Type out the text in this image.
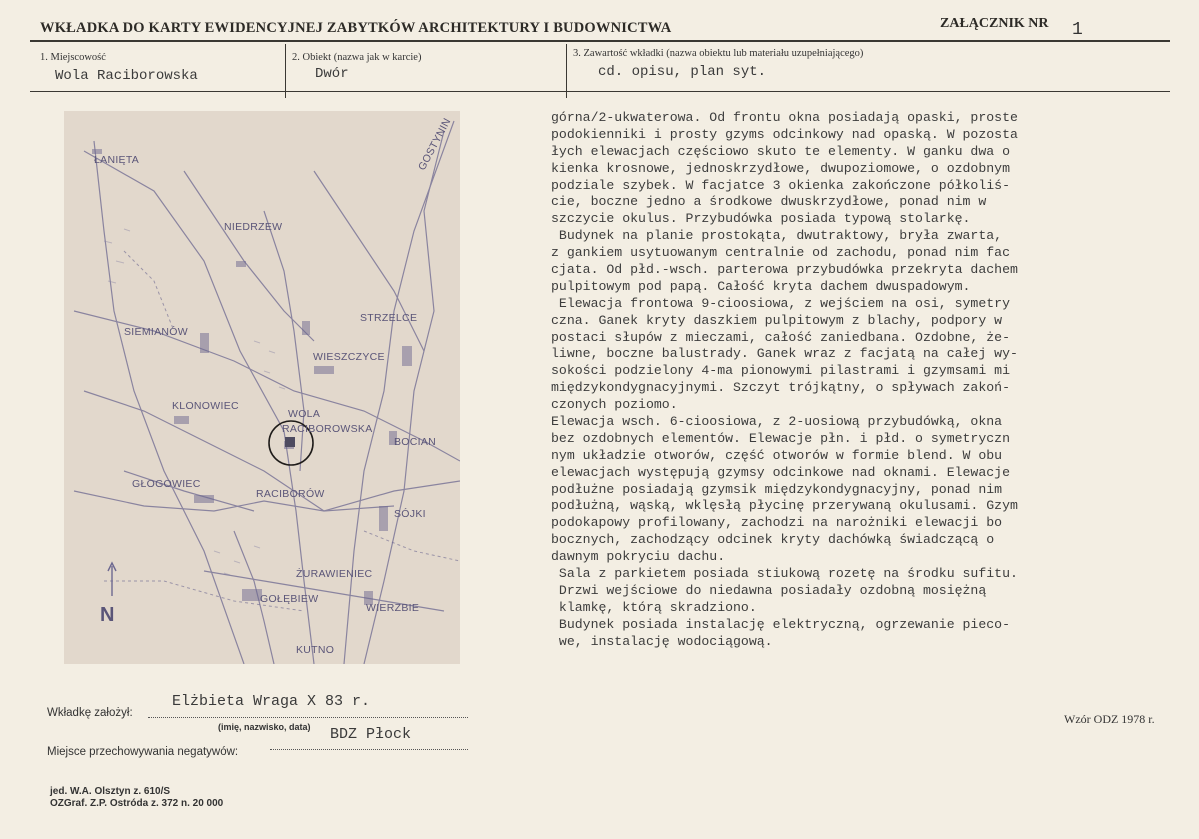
WKŁADKA DO KARTY EWIDENCYJNEJ ZABYTKÓW ARCHITEKTURY I BUDOWNICTWA	ZAŁĄCZNIK NR 1
1. Miejscowość
Wola Raciborowska
2. Obiekt (nazwa jak w karcie)
Dwór
3. Zawartość wkładki (nazwa obiektu lub materiału uzupełniającego)
cd. opisu, plan syt.
ŁANIĘTA	GOSTYNIN
NIEDRZEW
STRZELCE
SIEMIANÓW
WIESZCZYCE
KLONOWIEC
WOLA
RACIBOROWSKA
BOCIAN
GŁOGOWIEC
RACIBORÓW
SÓJKI
ŻURAWIENIEC
GOŁĘBIEW
WIERZBIE
KUTNO
N
górna/2-ukwaterowa. Od frontu okna posiadają opaski, proste
podokienniki i prosty gzyms odcinkowy nad opaską. W pozosta
łych elewacjach częściowo skuto te elementy. W ganku dwa o
kienka krosnowe, jednoskrzydłowe, dwupoziomowe, o ozdobnym
podziale szybek. W facjatce 3 okienka zakończone półkoliś-
cie, boczne jedno a środkowe dwuskrzydłowe, ponad nim w
szczycie okulus. Przybudówka posiada typową stolarkę.
Budynek na planie prostokąta, dwutraktowy, bryła zwarta,
z gankiem usytuowanym centralnie od zachodu, ponad nim fac
cjata. Od płd.-wsch. parterowa przybudówka przekryta dachem
pulpitowym pod papą. Całość kryta dachem dwuspadowym.
Elewacja frontowa 9-cioosiowa, z wejściem na osi, symetry
czna. Ganek kryty daszkiem pulpitowym z blachy, podpory w
postaci słupów z mieczami, całość zaniedbana. Ozdobne, że-
liwne, boczne balustrady. Ganek wraz z facjatą na całej wy-
sokości podzielony 4-ma pionowymi pilastrami i gzymsami mi
międzykondygnacyjnymi. Szczyt trójkątny, o spływach zakoń-
czonych poziomo.
Elewacja wsch. 6-cioosiowa, z 2-uosiową przybudówką, okna
bez ozdobnych elementów. Elewacje płn. i płd. o symetryczn
nym układzie otworów, część otworów w formie blend. W obu
elewacjach występują gzymsy odcinkowe nad oknami. Elewacje
podłużne posiadają gzymsik międzykondygnacyjny, ponad nim
podłużną, wąską, wklęsłą płycinę przerywaną okulusami. Gzym
podokapowy profilowany, zachodzi na narożniki elewacji bo
bocznych, zachodzący odcinek kryty dachówką świadczącą o
dawnym pokryciu dachu.
Sala z parkietem posiada stiukową rozetę na środku sufitu.
Drzwi wejściowe do niedawna posiadały ozdobną mosiężną
klamkę, którą skradziono.
Budynek posiada instalację elektryczną, ogrzewanie pieco-
we, instalację wodociągową.
Wkładkę założył:
Elżbieta Wraga X 83 r.
(imię, nazwisko, data)
Miejsce przechowywania negatywów:
BDZ Płock
Wzór ODZ 1978 r.
jed. W.A. Olsztyn z. 610/S
OZGraf. Z.P. Ostróda z. 372 n. 20 000
